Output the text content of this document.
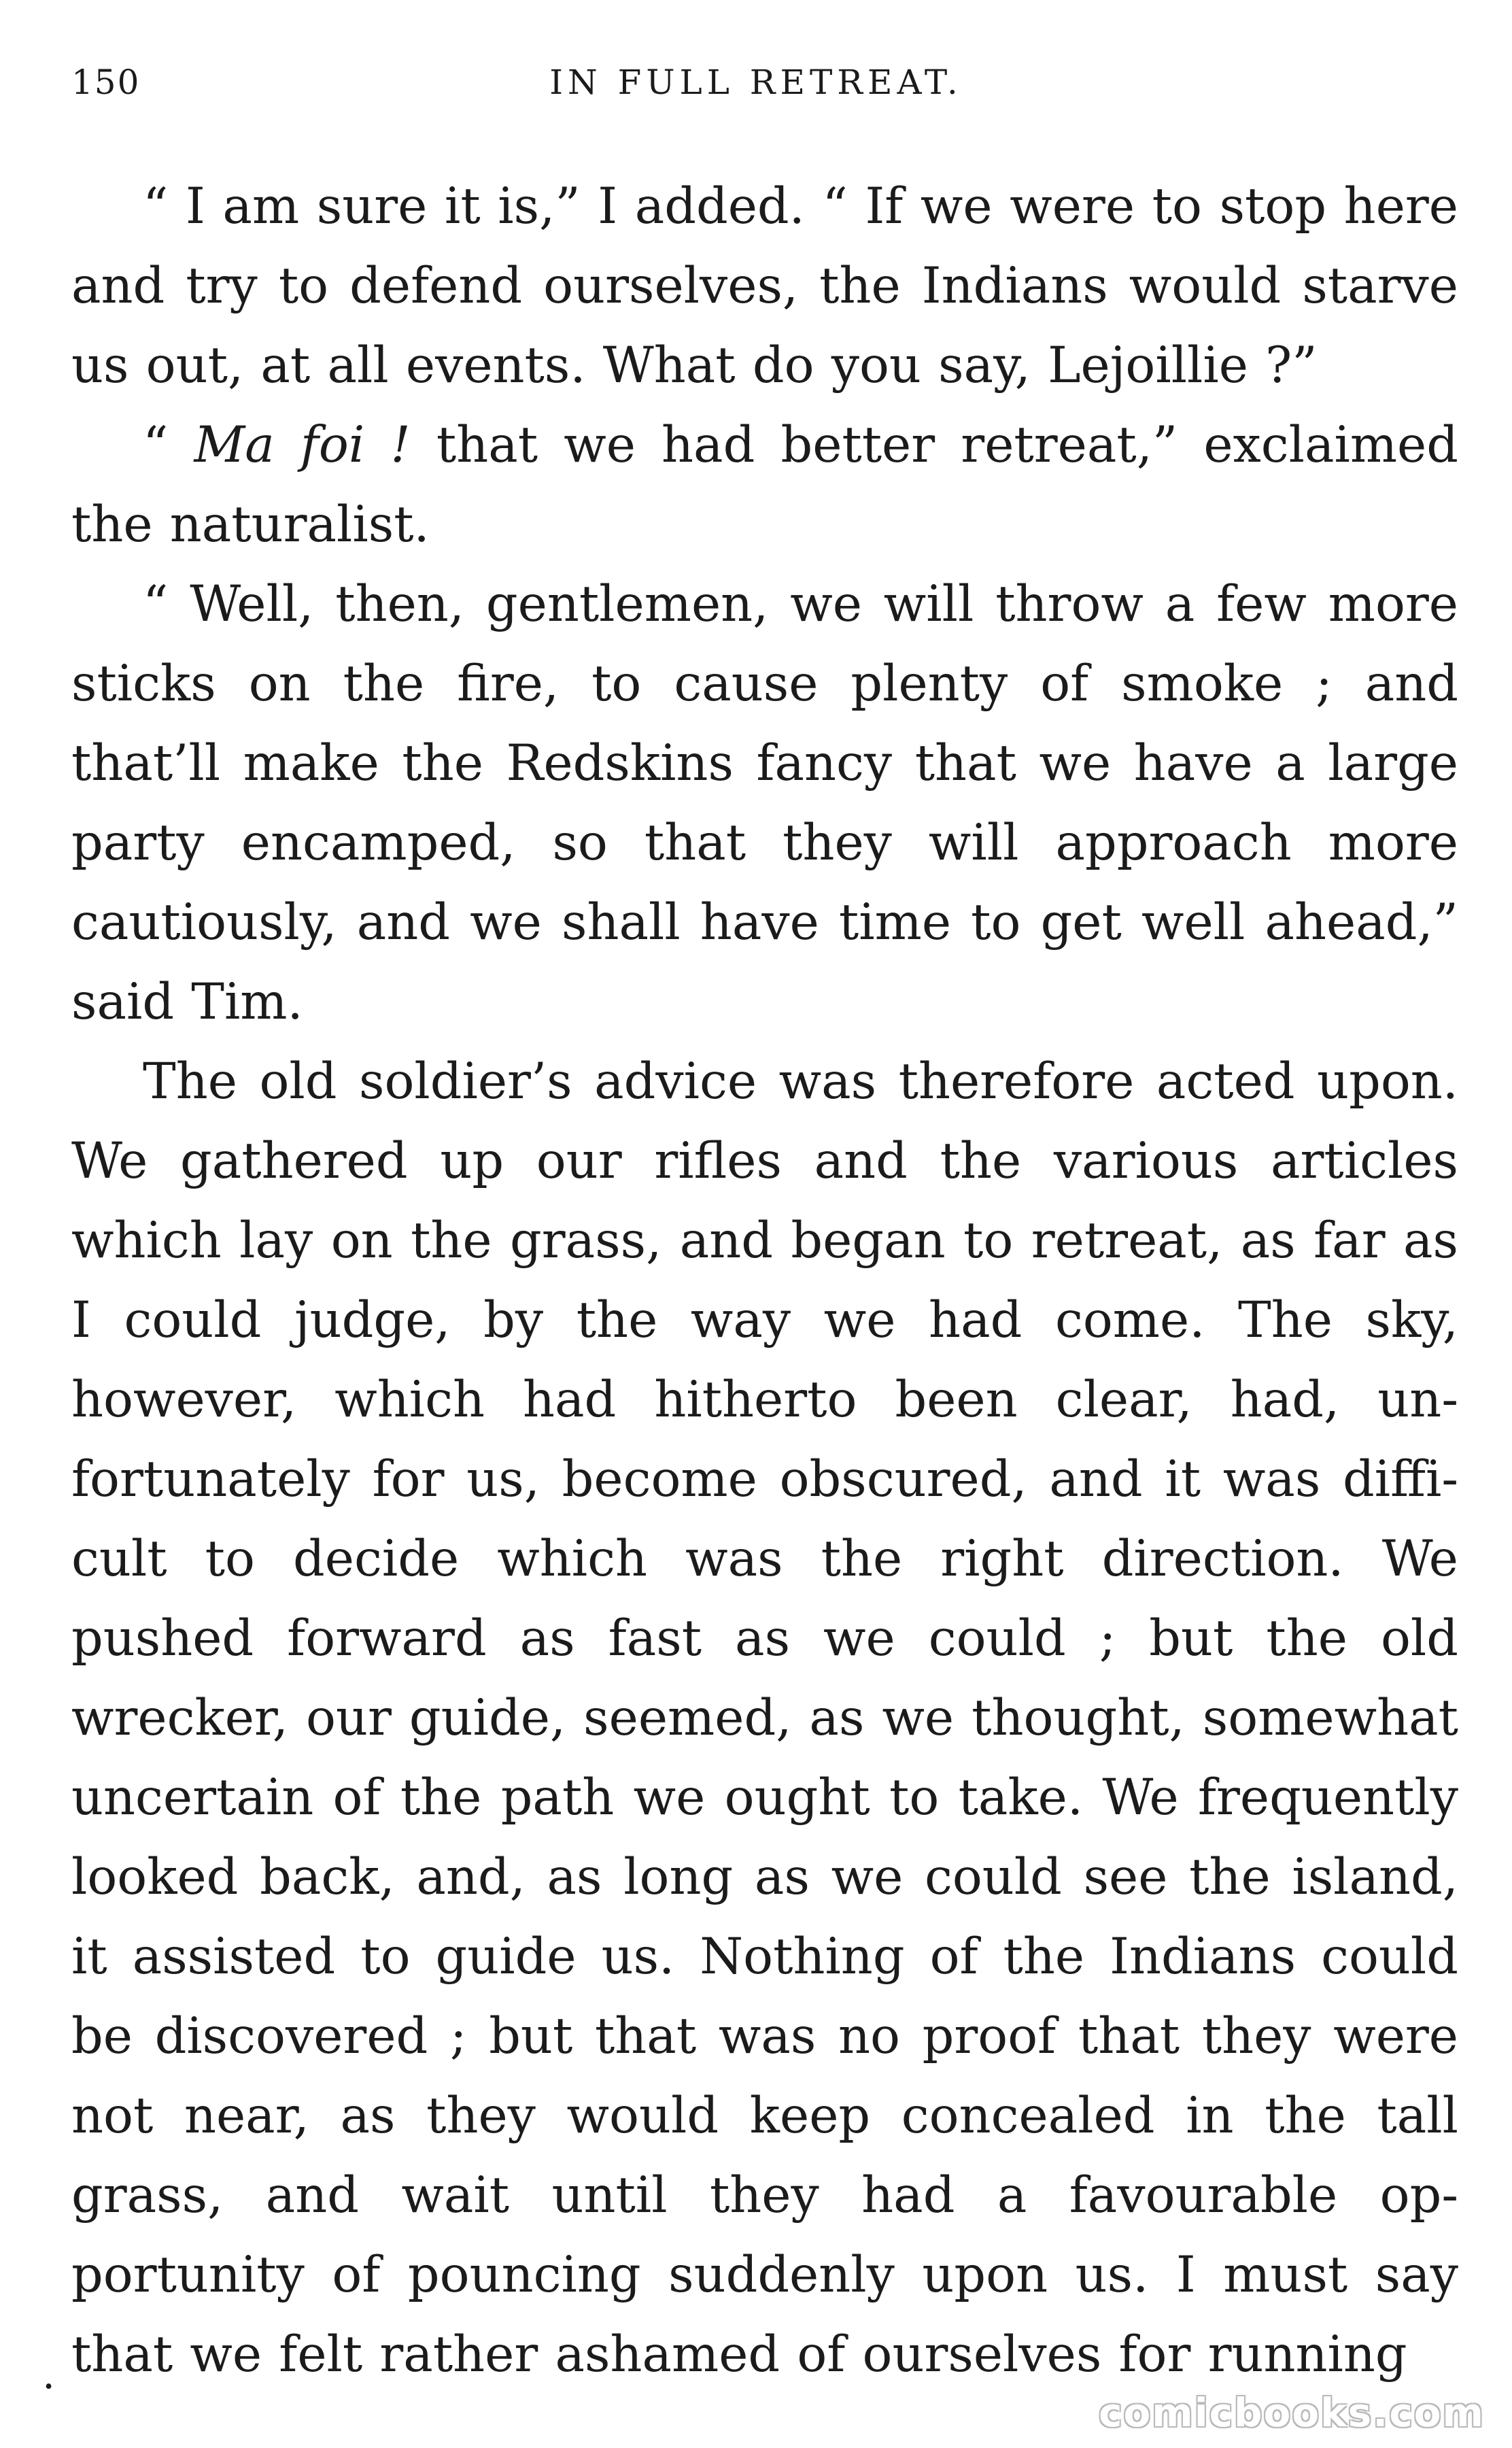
150	IN FULL RETREAT.

“ I am sure it is,” I added. “ If we were to stop here and try to defend ourselves, the Indians would starve us out, at all events. What do you say, Lejoillie ?”

“ Ma foi ! that we had better retreat,” exclaimed the naturalist.

“ Well, then, gentlemen, we will throw a few more sticks on the fire, to cause plenty of smoke ; and that’ll make the Redskins fancy that we have a large party encamped, so that they will approach more cautiously, and we shall have time to get well ahead,” said Tim.

The old soldier’s advice was therefore acted upon. We gathered up our rifles and the various articles which lay on the grass, and began to retreat, as far as I could judge, by the way we had come. The sky, however, which had hitherto been clear, had, unfortunately for us, become obscured, and it was difficult to decide which was the right direction. We pushed forward as fast as we could ; but the old wrecker, our guide, seemed, as we thought, somewhat uncertain of the path we ought to take. We frequently looked back, and, as long as we could see the island, it assisted to guide us. Nothing of the Indians could be discovered ; but that was no proof that they were not near, as they would keep concealed in the tall grass, and wait until they had a favourable opportunity of pouncing suddenly upon us. I must say that we felt rather ashamed of ourselves for running

.
comicbooks.com
